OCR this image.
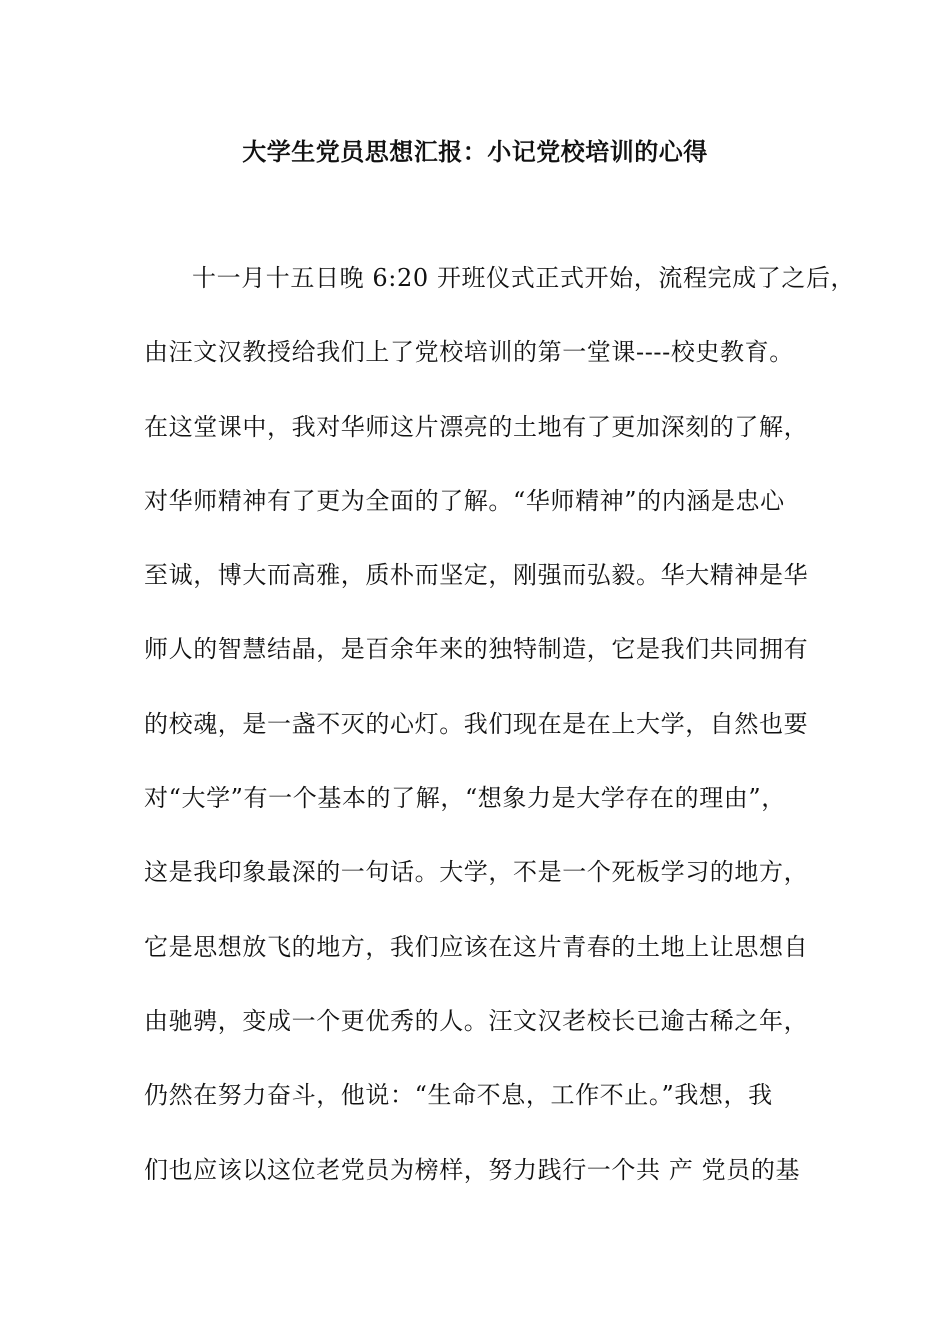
大学生党员思想汇报：小记党校培训的心得
十一月十五日晚 6:20 开班仪式正式开始，流程完成了之后，
由汪文汉教授给我们上了党校培训的第一堂课----校史教育。
在这堂课中，我对华师这片漂亮的土地有了更加深刻的了解，
对华师精神有了更为全面的了解。“华师精神”的内涵是忠心
至诚，博大而高雅，质朴而坚定，刚强而弘毅。华大精神是华
师人的智慧结晶，是百余年来的独特制造，它是我们共同拥有
的校魂，是一盏不灭的心灯。我们现在是在上大学，自然也要
对“大学”有一个基本的了解，“想象力是大学存在的理由”，
这是我印象最深的一句话。大学，不是一个死板学习的地方，
它是思想放飞的地方，我们应该在这片青春的土地上让思想自
由驰骋，变成一个更优秀的人。汪文汉老校长已逾古稀之年，
仍然在努力奋斗，他说：“生命不息，工作不止。”我想，我
们也应该以这位老党员为榜样，努力践行一个共 产 党员的基
